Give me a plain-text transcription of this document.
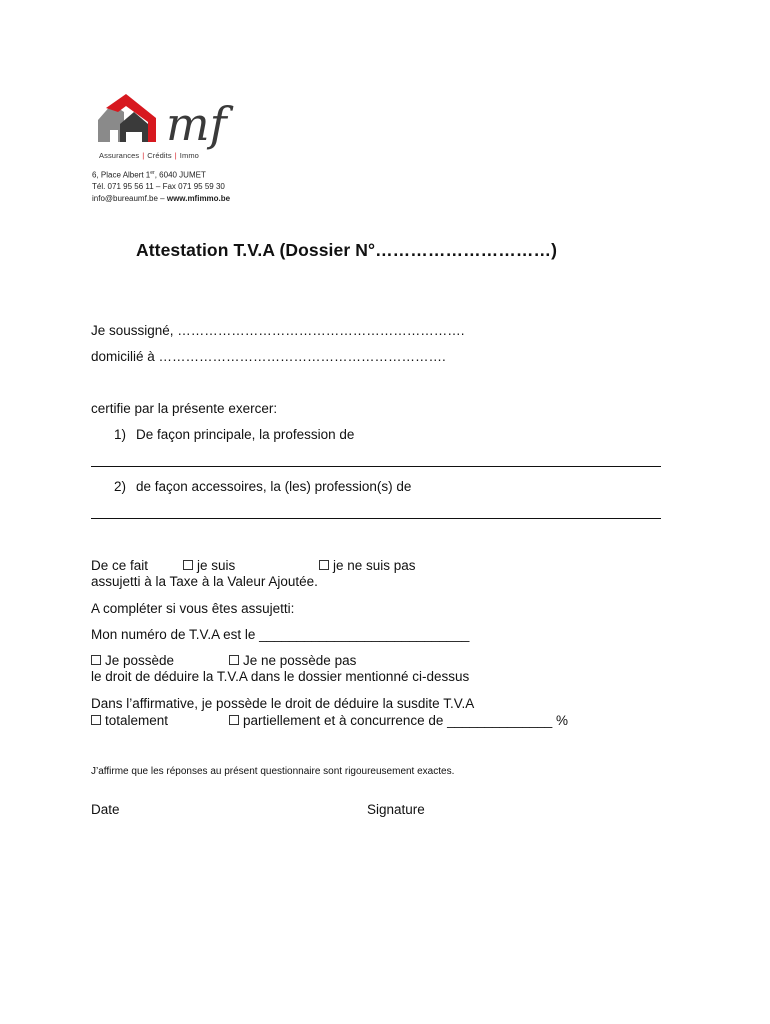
mf
Assurances | Crédits | Immo
6, Place Albert 1er, 6040 JUMET
Tél. 071 95 56 11 – Fax 071 95 59 30
info@bureaumf.be – www.mfimmo.be
Attestation T.V.A (Dossier N°…………………………)
Je soussigné, ……………………………………………………….
domicilié à ……………………………………………………….
certifie par la présente exercer:
1) De façon principale, la profession de
2) de façon accessoires, la (les) profession(s) de
De ce fait	je suis	je ne suis pas
assujetti à la Taxe à la Valeur Ajoutée.
A compléter si vous êtes assujetti:
Mon numéro de T.V.A est le ____________________________
Je possède	Je ne possède pas
le droit de déduire la T.V.A dans le dossier mentionné ci-dessus
Dans l’affirmative, je possède le droit de déduire la susdite T.V.A
totalement	partiellement et à concurrence de ______________ %
J’affirme que les réponses au présent questionnaire sont rigoureusement exactes.
Date	Signature
